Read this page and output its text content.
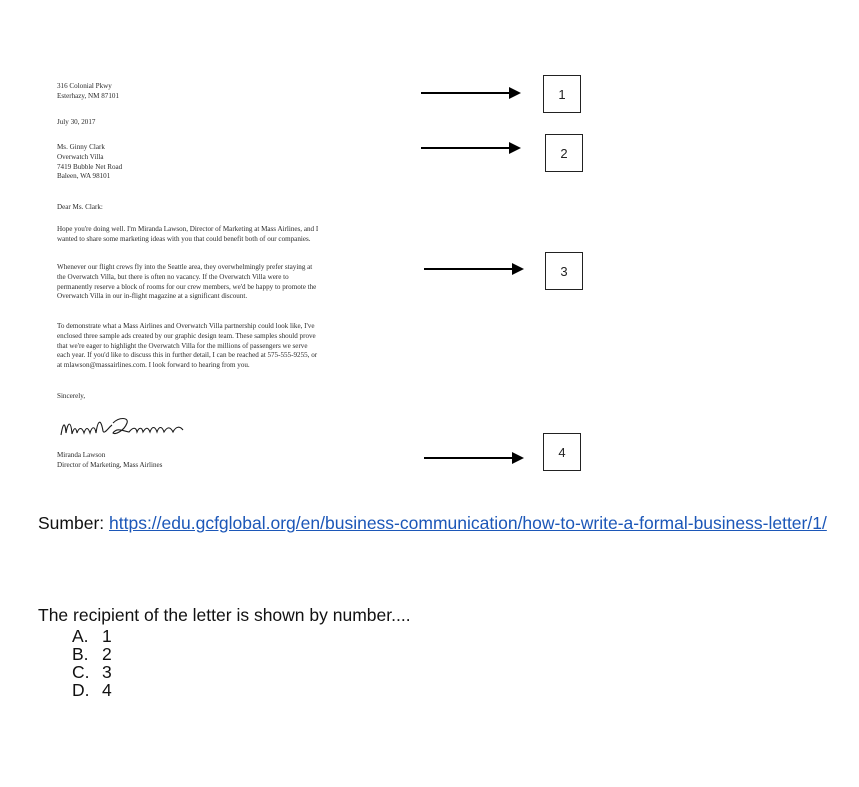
316 Colonial Pkwy
Esterhazy, NM 87101
July 30, 2017
Ms. Ginny Clark
Overwatch Villa
7419 Bubble Net Road
Baleen, WA 98101
Dear Ms. Clark:
Hope you're doing well. I'm Miranda Lawson, Director of Marketing at Mass Airlines, and I
wanted to share some marketing ideas with you that could benefit both of our companies.
Whenever our flight crews fly into the Seattle area, they overwhelmingly prefer staying at
the Overwatch Villa, but there is often no vacancy. If the Overwatch Villa were to
permanently reserve a block of rooms for our crew members, we'd be happy to promote the
Overwatch Villa in our in-flight magazine at a significant discount.
To demonstrate what a Mass Airlines and Overwatch Villa partnership could look like, I've
enclosed three sample ads created by our graphic design team. These samples should prove
that we're eager to highlight the Overwatch Villa for the millions of passengers we serve
each year. If you'd like to discuss this in further detail, I can be reached at 575-555-9255, or
at mlawson@massairlines.com. I look forward to hearing from you.
Sincerely,
Miranda Lawson
Director of Marketing, Mass Airlines
1
2
3
4
Sumber: https://edu.gcfglobal.org/en/business-communication/how-to-write-a-formal-business-letter/1/
The recipient of the letter is shown by number....
A. 1
B. 2
C. 3
D. 4
